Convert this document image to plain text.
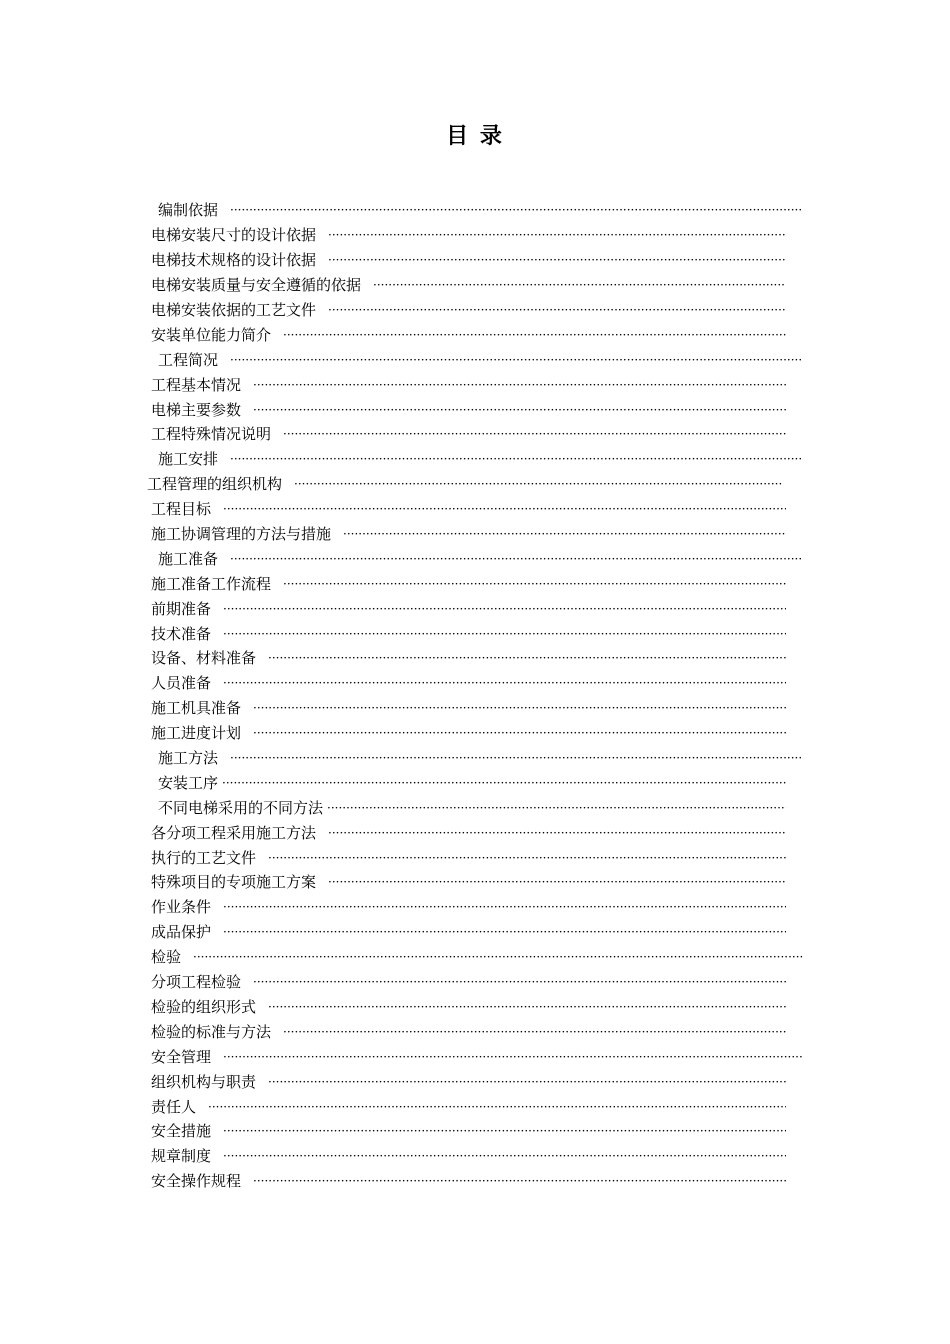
目 录
编制依据
·····
电梯安装尺寸的设计依据
·····
电梯技术规格的设计依据
·····
电梯安装质量与安全遵循的依据
·····
电梯安装依据的工艺文件
·····
安装单位能力简介
·····
工程简况
·····
工程基本情况
·····
电梯主要参数
·····
工程特殊情况说明
·····
施工安排
·····
工程管理的组织机构
·····
工程目标
·····
施工协调管理的方法与措施
·····
施工准备
·····
施工准备工作流程
·····
前期准备
·····
技术准备
·····
设备、材料准备
·····
人员准备
·····
施工机具准备
·····
施工进度计划
·····
施工方法
·····
安装工序
·····
不同电梯采用的不同方法
·····
各分项工程采用施工方法
·····
执行的工艺文件
·····
特殊项目的专项施工方案
·····
作业条件
·····
成品保护
·····
检验
·····
分项工程检验
·····
检验的组织形式
·····
检验的标准与方法
·····
安全管理
·····
组织机构与职责
·····
责任人
·····
安全措施
·····
规章制度
·····
安全操作规程
·····
